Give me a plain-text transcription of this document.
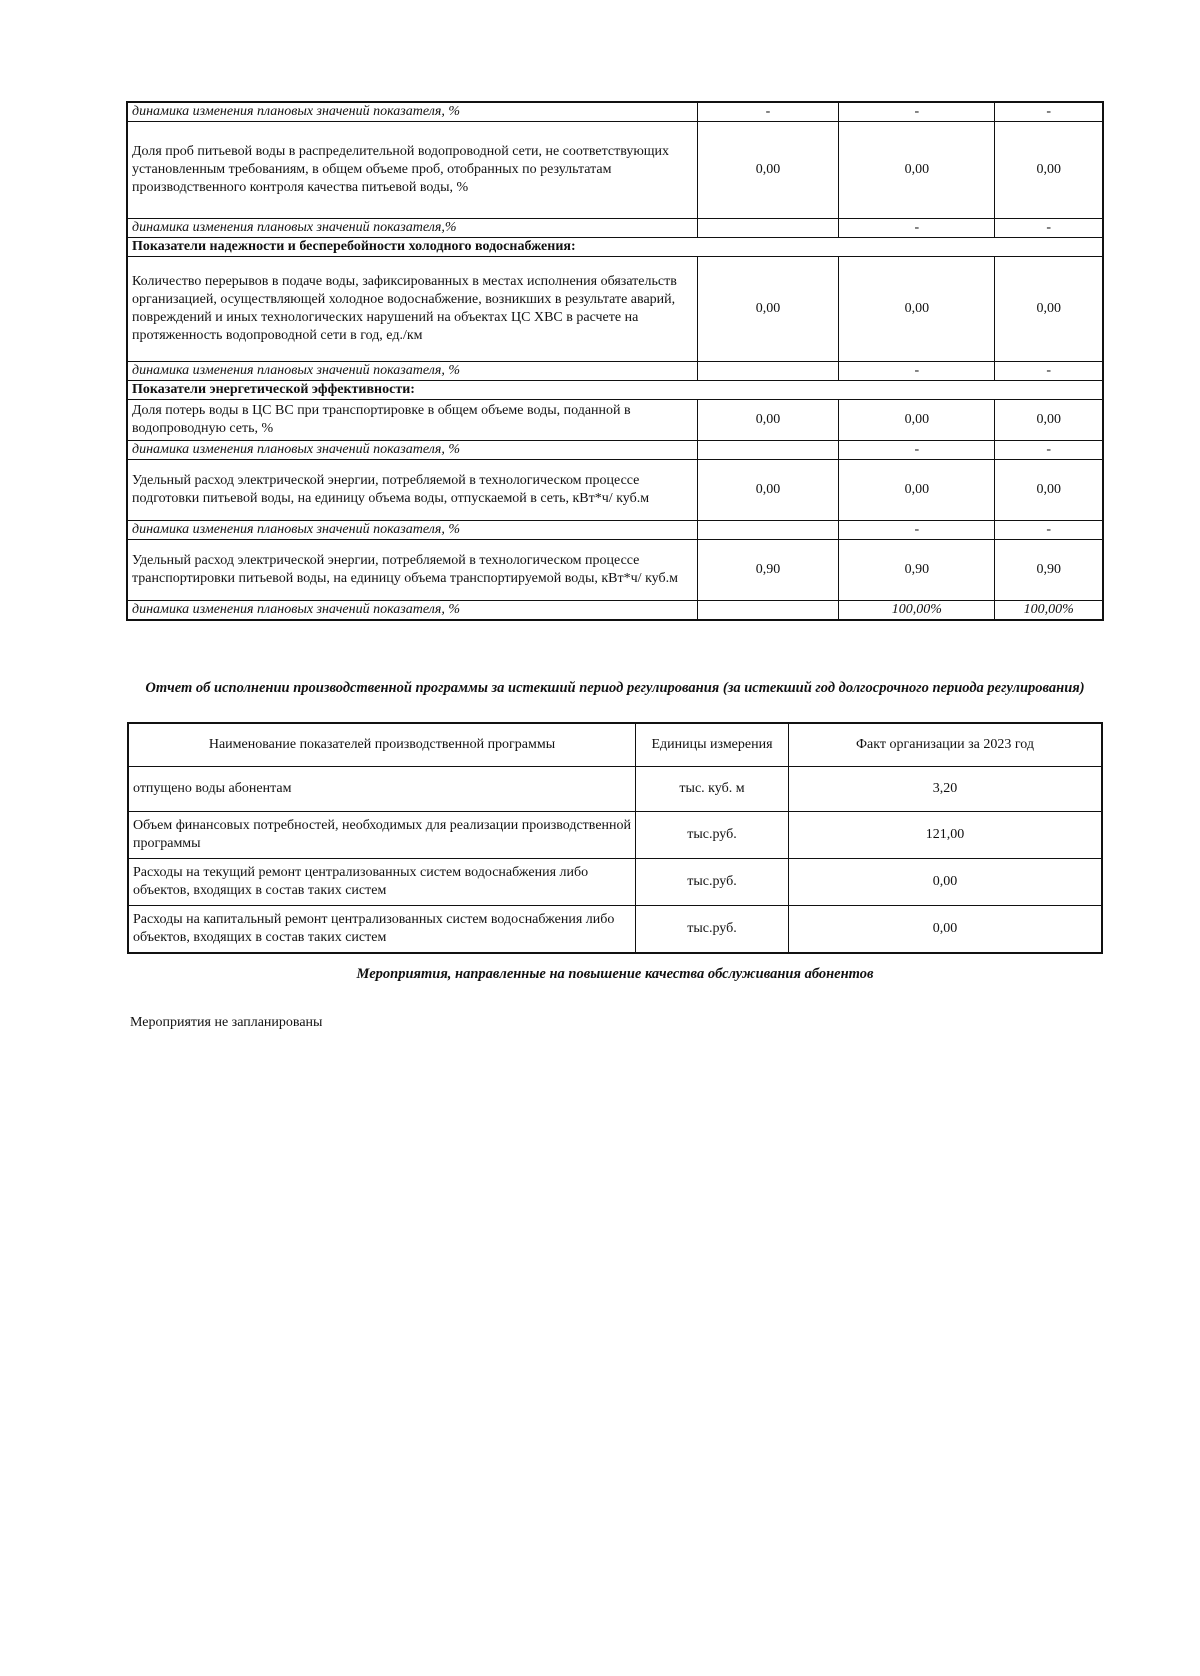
динамика изменения плановых значений показателя, %	-	-	-
Доля проб питьевой воды в распределительной водопроводной сети, не соответствующих установленным требованиям, в общем объеме проб, отобранных по результатам производственного контроля качества питьевой воды, %	0,00	0,00	0,00
динамика изменения плановых значений показателя,%		-	-
Показатели надежности и бесперебойности холодного водоснабжения:			
Количество перерывов в подаче воды, зафиксированных в местах исполнения обязательств организацией, осуществляющей холодное водоснабжение, возникших в результате аварий, повреждений и иных технологических нарушений на объектах ЦС ХВС в расчете на протяженность водопроводной сети в год, ед./км	0,00	0,00	0,00
динамика изменения плановых значений показателя, %		-	-
Показатели энергетической эффективности:			
Доля потерь воды в ЦС ВС при транспортировке в общем объеме воды, поданной в водопроводную сеть, %	0,00	0,00	0,00
динамика изменения плановых значений показателя, %		-	-
Удельный расход электрической энергии, потребляемой в технологическом процессе подготовки питьевой воды, на единицу объема воды, отпускаемой в сеть, кВт*ч/ куб.м	0,00	0,00	0,00
динамика изменения плановых значений показателя, %		-	-
Удельный расход электрической энергии, потребляемой в технологическом процессе транспортировки питьевой воды, на единицу объема транспортируемой воды, кВт*ч/ куб.м	0,90	0,90	0,90
динамика изменения плановых значений показателя, %		100,00%	100,00%
Отчет об исполнении производственной программы за истекший период регулирования (за истекший год долгосрочного периода регулирования)
Наименование показателей производственной программы	Единицы измерения	Факт организации за 2023 год
отпущено воды абонентам	тыс. куб. м	3,20
Объем финансовых потребностей, необходимых для реализации производственной программы	тыс.руб.	121,00
Расходы на текущий ремонт централизованных систем водоснабжения либо объектов, входящих в состав таких систем	тыс.руб.	0,00
Расходы на капитальный ремонт централизованных систем водоснабжения либо объектов, входящих в состав таких систем	тыс.руб.	0,00
Мероприятия, направленные на повышение качества обслуживания абонентов
Мероприятия не запланированы
